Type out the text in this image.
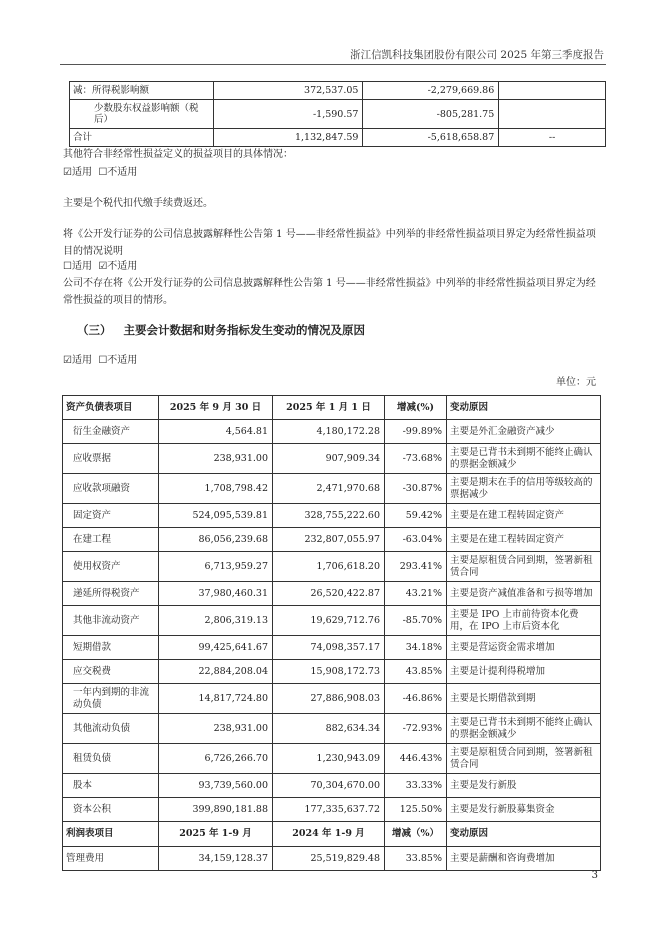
浙江信凯科技集团股份有限公司 2025 年第三季度报告
减：所得税影响额	372,537.05	-2,279,669.86	
少数股东权益影响额（税后）	-1,590.57	-805,281.75	
合计	1,132,847.59	-5,618,658.87	--

其他符合非经常性损益定义的损益项目的具体情况：

☑适用 ☐不适用

主要是个税代扣代缴手续费返还。

将《公开发行证券的公司信息披露解释性公告第 1 号——非经常性损益》中列举的非经常性损益项目界定为经常性损益项目的情况说明

☐适用 ☑不适用

公司不存在将《公开发行证券的公司信息披露解释性公告第 1 号——非经常性损益》中列举的非经常性损益项目界定为经常性损益的项目的情形。

（三） 主要会计数据和财务指标发生变动的情况及原因

☑适用 ☐不适用

单位：元
资产负债表项目	2025 年 9 月 30 日	2025 年 1 月 1 日	增减(%)	变动原因
衍生金融资产	4,564.81	4,180,172.28	-99.89%	主要是外汇金融资产减少
应收票据	238,931.00	907,909.34	-73.68%	主要是已背书未到期不能终止确认的票据金额减少
应收款项融资	1,708,798.42	2,471,970.68	-30.87%	主要是期末在手的信用等级较高的票据减少
固定资产	524,095,539.81	328,755,222.60	59.42%	主要是在建工程转固定资产
在建工程	86,056,239.68	232,807,055.97	-63.04%	主要是在建工程转固定资产
使用权资产	6,713,959.27	1,706,618.20	293.41%	主要是原租赁合同到期，签署新租赁合同
递延所得税资产	37,980,460.31	26,520,422.87	43.21%	主要是资产减值准备和亏损等增加
其他非流动资产	2,806,319.13	19,629,712.76	-85.70%	主要是 IPO 上市前待资本化费用，在 IPO 上市后资本化
短期借款	99,425,641.67	74,098,357.17	34.18%	主要是营运资金需求增加
应交税费	22,884,208.04	15,908,172.73	43.85%	主要是计提利得税增加
一年内到期的非流动负债	14,817,724.80	27,886,908.03	-46.86%	主要是长期借款到期
其他流动负债	238,931.00	882,634.34	-72.93%	主要是已背书未到期不能终止确认的票据金额减少
租赁负债	6,726,266.70	1,230,943.09	446.43%	主要是原租赁合同到期，签署新租赁合同
股本	93,739,560.00	70,304,670.00	33.33%	主要是发行新股
资本公积	399,890,181.88	177,335,637.72	125.50%	主要是发行新股募集资金
利润表项目	2025 年 1-9 月	2024 年 1-9 月	增减（%）	变动原因
管理费用	34,159,128.37	25,519,829.48	33.85%	主要是薪酬和咨询费增加
3
